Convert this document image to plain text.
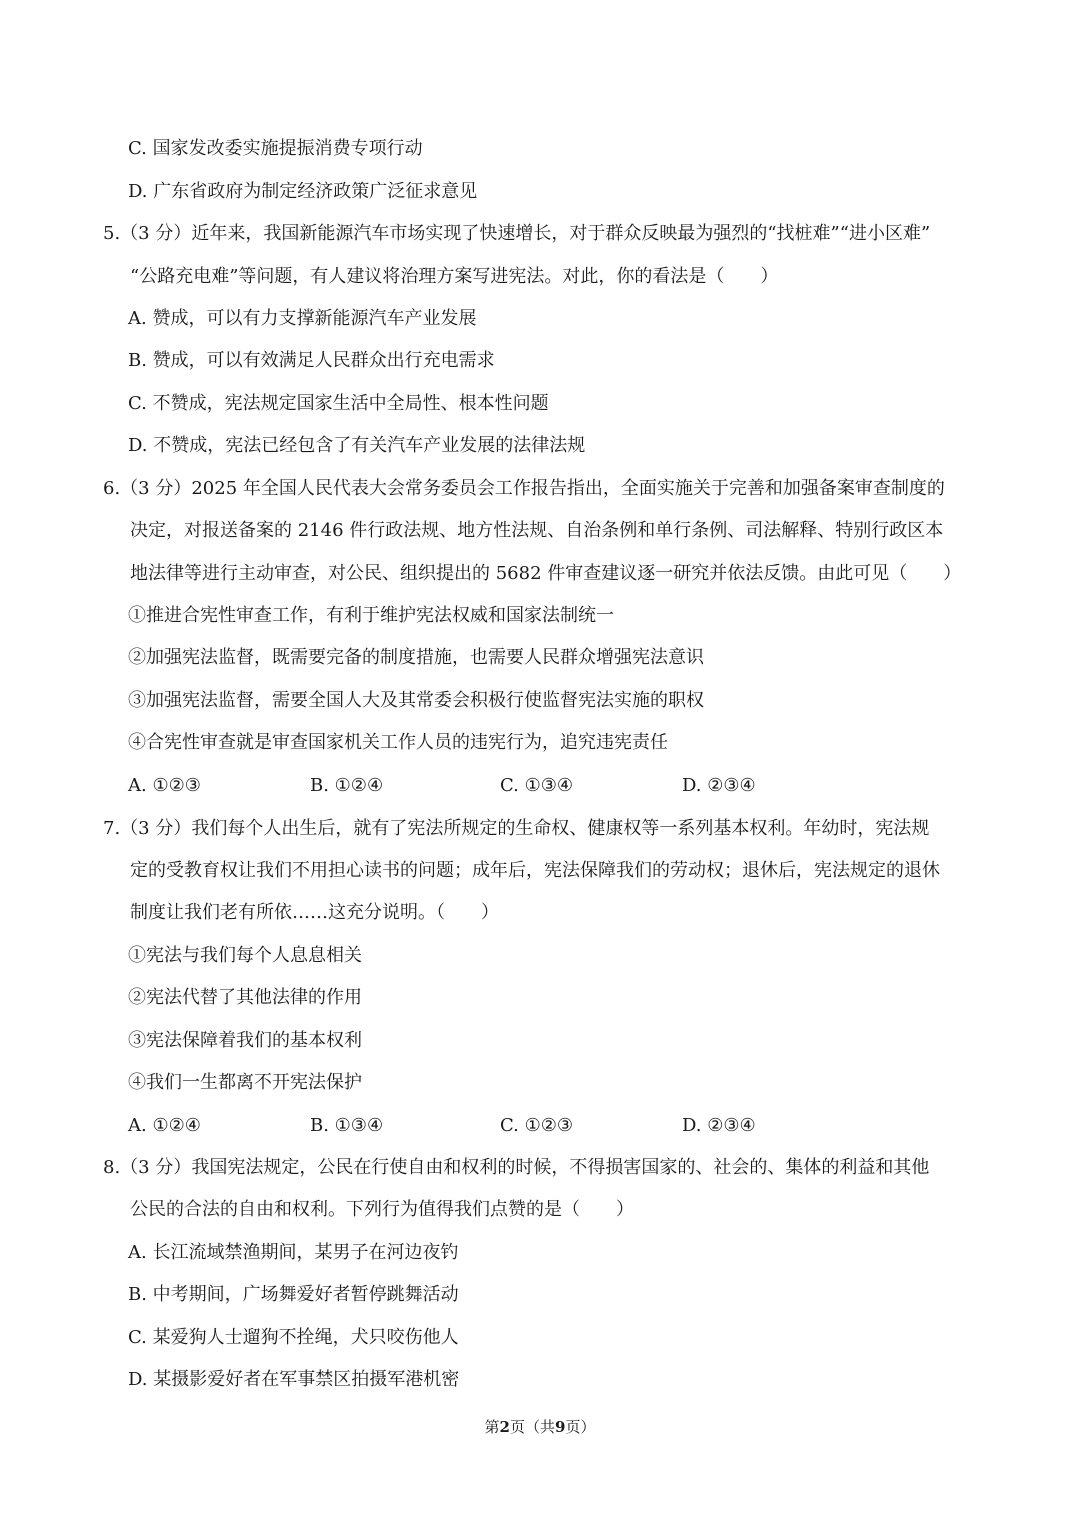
C. 国家发改委实施提振消费专项行动
D. 广东省政府为制定经济政策广泛征求意见
5.（3 分）近年来，我国新能源汽车市场实现了快速增长，对于群众反映最为强烈的“找桩难”“进小区难”
“公路充电难”等问题，有人建议将治理方案写进宪法。对此，你的看法是（　　）
A. 赞成，可以有力支撑新能源汽车产业发展
B. 赞成，可以有效满足人民群众出行充电需求
C. 不赞成，宪法规定国家生活中全局性、根本性问题
D. 不赞成，宪法已经包含了有关汽车产业发展的法律法规
6.（3 分）2025 年全国人民代表大会常务委员会工作报告指出，全面实施关于完善和加强备案审查制度的
决定，对报送备案的 2146 件行政法规、地方性法规、自治条例和单行条例、司法解释、特别行政区本
地法律等进行主动审查，对公民、组织提出的 5682 件审查建议逐一研究并依法反馈。由此可见（　　）
①推进合宪性审查工作，有利于维护宪法权威和国家法制统一
②加强宪法监督，既需要完备的制度措施，也需要人民群众增强宪法意识
③加强宪法监督，需要全国人大及其常委会积极行使监督宪法实施的职权
④合宪性审查就是审查国家机关工作人员的违宪行为，追究违宪责任
A. ①②③	B. ①②④	C. ①③④	D. ②③④
7.（3 分）我们每个人出生后，就有了宪法所规定的生命权、健康权等一系列基本权利。年幼时，宪法规
定的受教育权让我们不用担心读书的问题；成年后，宪法保障我们的劳动权；退休后，宪法规定的退休
制度让我们老有所依……这充分说明。（　　）
①宪法与我们每个人息息相关
②宪法代替了其他法律的作用
③宪法保障着我们的基本权利
④我们一生都离不开宪法保护
A. ①②④	B. ①③④	C. ①②③	D. ②③④
8.（3 分）我国宪法规定，公民在行使自由和权利的时候，不得损害国家的、社会的、集体的利益和其他
公民的合法的自由和权利。下列行为值得我们点赞的是（　　）
A. 长江流域禁渔期间，某男子在河边夜钓
B. 中考期间，广场舞爱好者暂停跳舞活动
C. 某爱狗人士遛狗不拴绳，犬只咬伤他人
D. 某摄影爱好者在军事禁区拍摄军港机密
第2页（共9页）
